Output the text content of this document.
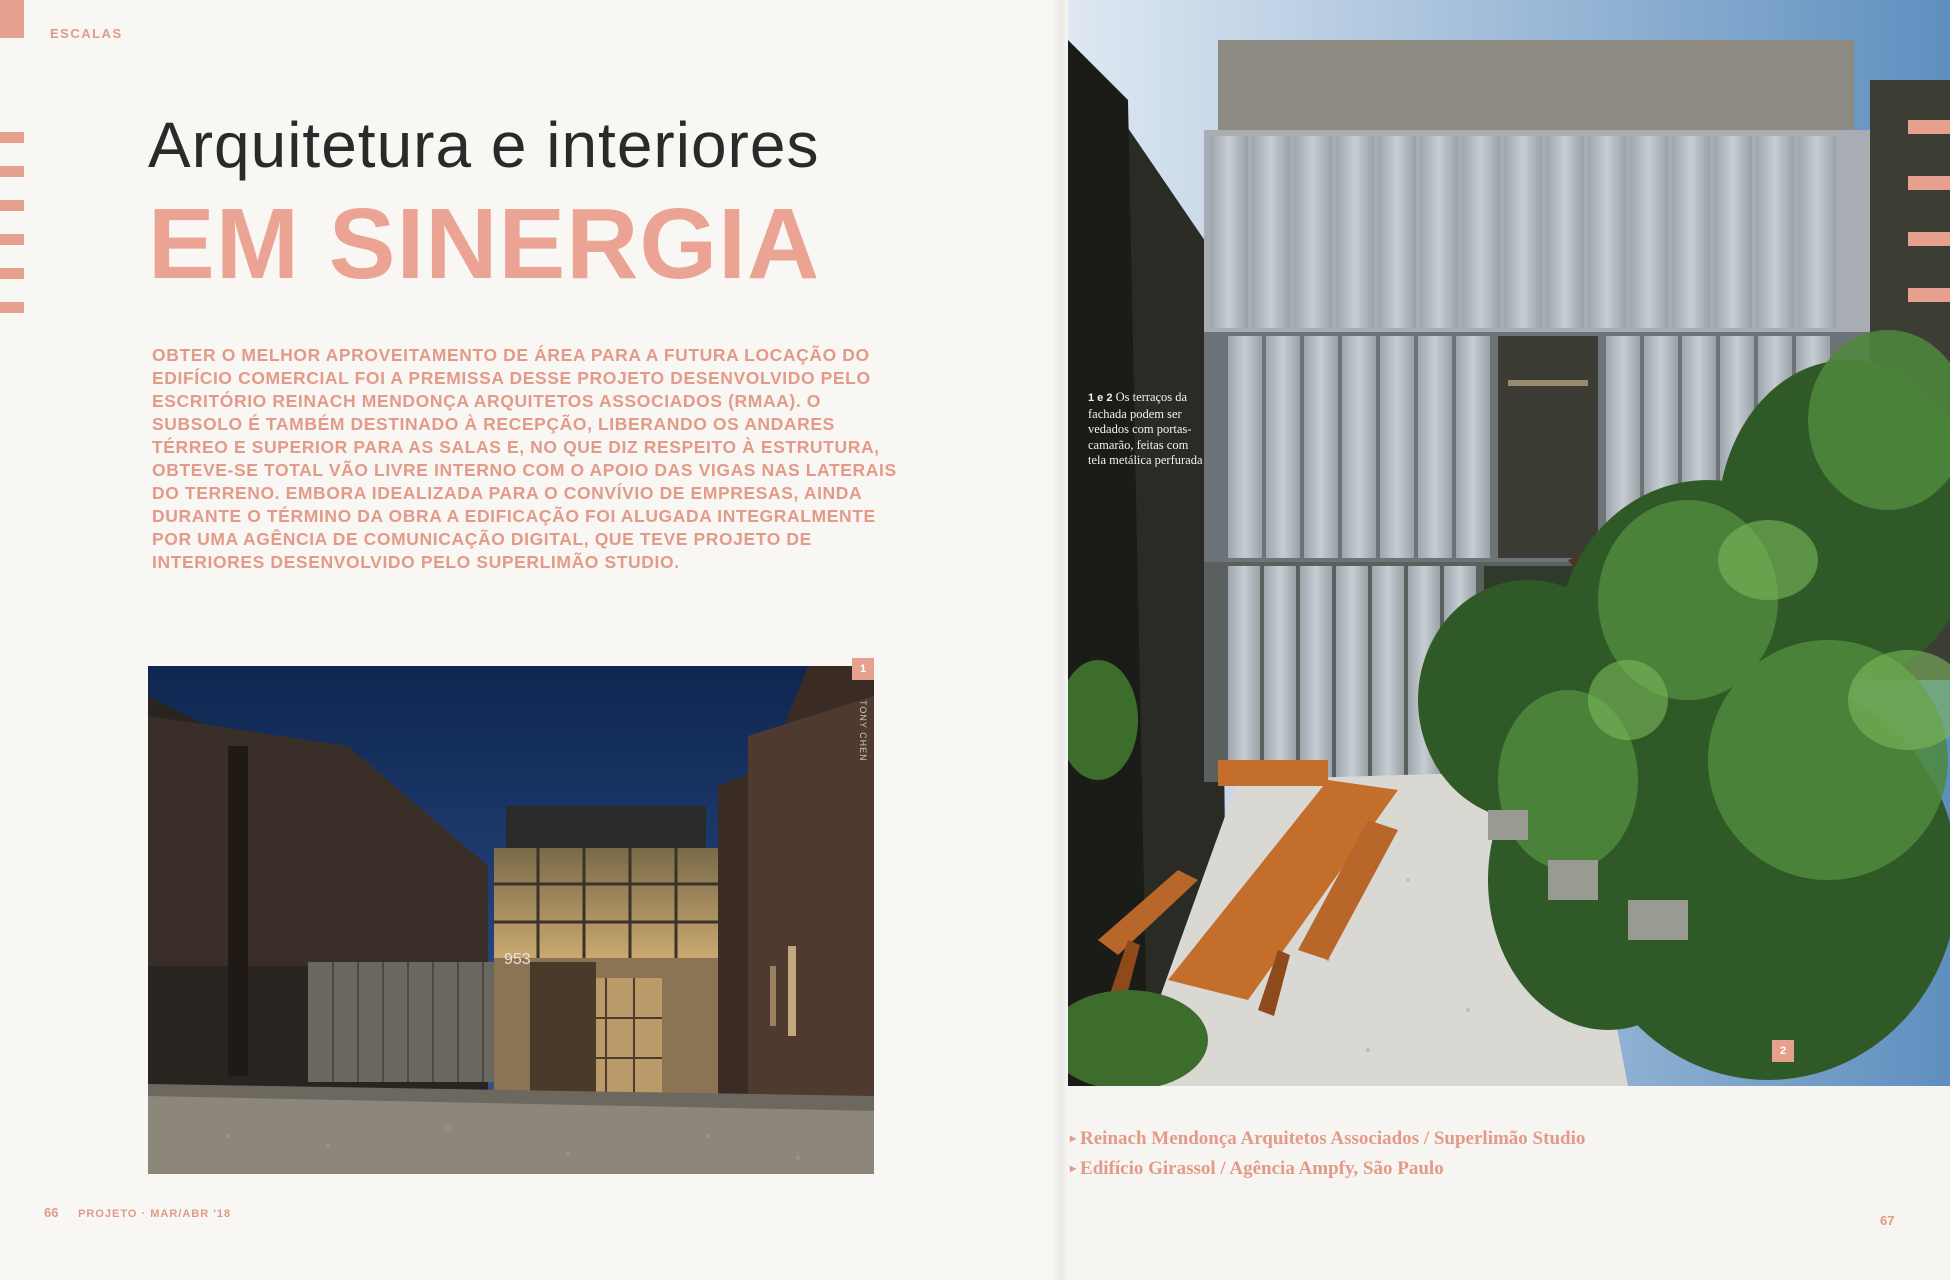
ESCALAS
Arquitetura e interiores
EM SINERGIA
OBTER O MELHOR APROVEITAMENTO DE ÁREA PARA A FUTURA LOCAÇÃO DO EDIFÍCIO COMERCIAL FOI A PREMISSA DESSE PROJETO DESENVOLVIDO PELO ESCRITÓRIO REINACH MENDONÇA ARQUITETOS ASSOCIADOS (RMAA). O SUBSOLO É TAMBÉM DESTINADO À RECEPÇÃO, LIBERANDO OS ANDARES TÉRREO E SUPERIOR PARA AS SALAS E, NO QUE DIZ RESPEITO À ESTRUTURA, OBTEVE-SE TOTAL VÃO LIVRE INTERNO COM O APOIO DAS VIGAS NAS LATERAIS DO TERRENO. EMBORA IDEALIZADA PARA O CONVÍVIO DE EMPRESAS, AINDA DURANTE O TÉRMINO DA OBRA A EDIFICAÇÃO FOI ALUGADA INTEGRALMENTE POR UMA AGÊNCIA DE COMUNICAÇÃO DIGITAL, QUE TEVE PROJETO DE INTERIORES DESENVOLVIDO PELO SUPERLIMÃO STUDIO.
953
1
TONY CHEN
66 PROJETO · MAR/ABR '18
1 e 2 Os terraços da fachada podem ser vedados com portas-camarão, feitas com tela metálica perfurada
2
▸ Reinach Mendonça Arquitetos Associados / Superlimão Studio
▸ Edifício Girassol / Agência Ampfy, São Paulo
67
